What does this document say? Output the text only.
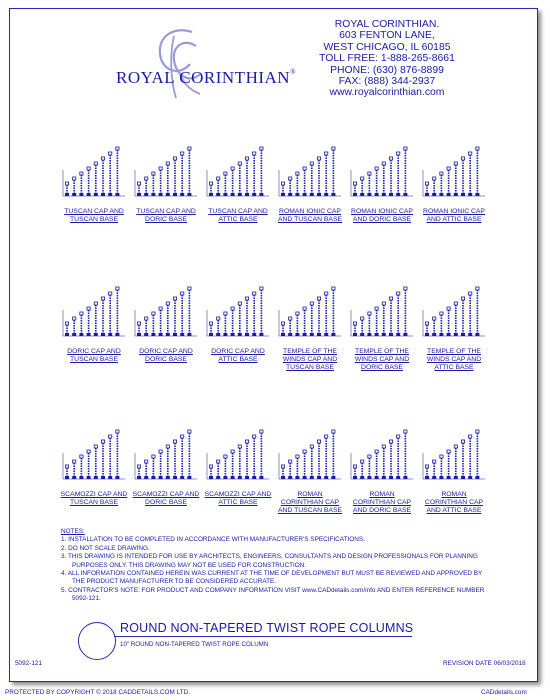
ROYAL CORINTHIAN®
ROYAL CORINTHIAN.
603 FENTON LANE,
WEST CHICAGO, IL 60185
TOLL FREE: 1-888-265-8661
PHONE: (630) 876-8899
FAX: (888) 344-2937
www.royalcorinthian.com
TUSCAN CAP AND
TUSCAN BASE
TUSCAN CAP AND
DORIC BASE
TUSCAN CAP AND
ATTIC BASE
ROMAN IONIC CAP
AND TUSCAN BASE
ROMAN IONIC CAP
AND DORIC BASE
ROMAN IONIC CAP
AND ATTIC BASE
DORIC CAP AND
TUSCAN BASE
DORIC CAP AND
DORIC BASE
DORIC CAP AND
ATTIC BASE
TEMPLE OF THE
WINDS CAP AND
TUSCAN BASE
TEMPLE OF THE
WINDS CAP AND
DORIC BASE
TEMPLE OF THE
WINDS CAP AND
ATTIC BASE
SCAMOZZI CAP AND
TUSCAN BASE
SCAMOZZI CAP AND
DORIC BASE
SCAMOZZI CAP AND
ATTIC BASE
ROMAN
CORINTHIAN CAP
AND TUSCAN BASE
ROMAN
CORINTHIAN CAP
AND DORIC BASE
ROMAN
CORINTHIAN CAP
AND ATTIC BASE
NOTES:
1. INSTALLATION TO BE COMPLETED IN ACCORDANCE WITH MANUFACTURER'S SPECIFICATIONS.
2. DO NOT SCALE DRAWING.
3. THIS DRAWING IS INTENDED FOR USE BY ARCHITECTS, ENGINEERS, CONSULTANTS AND DESIGN PROFESSIONALS FOR PLANNING PURPOSES ONLY. THIS DRAWING MAY NOT BE USED FOR CONSTRUCTION.
4. ALL INFORMATION CONTAINED HEREIN WAS CURRENT AT THE TIME OF DEVELOPMENT BUT MUST BE REVIEWED AND APPROVED BY THE PRODUCT MANUFACTURER TO BE CONSIDERED ACCURATE.
5. CONTRACTOR'S NOTE: FOR PRODUCT AND COMPANY INFORMATION VISIT www.CADdetails.com/info AND ENTER REFERENCE NUMBER 5092-121.
ROUND NON-TAPERED TWIST ROPE COLUMNS
10" ROUND NON-TAPERED TWIST ROPE COLUMN
5092-121	REVISION DATE 06/03/2018
PROTECTED BY COPYRIGHT © 2018 CADDETAILS.COM LTD.	CADdetails.com
